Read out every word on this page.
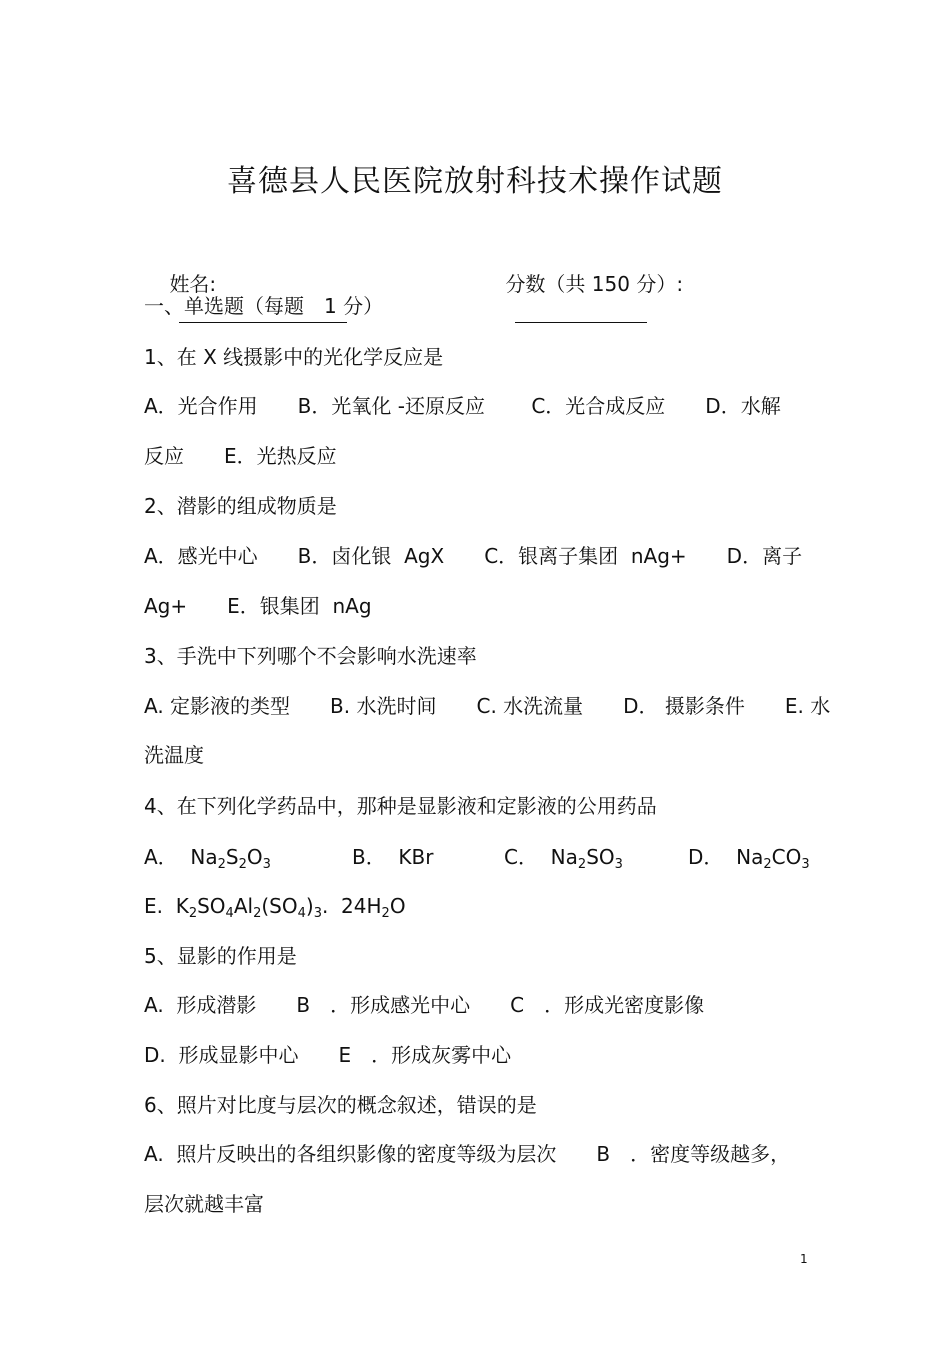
喜德县人民医院放射科技术操作试题

姓名:

	分数（共 150 分）:

一、单选题（每题　1 分）
1、在 X 线摄影中的光化学反应是
A．光合作用　　B．光氧化 -还原反应　　 C．光合成反应　　D．水解
反应　　E．光热反应
2、潜影的组成物质是
A．感光中心　　B．卤化银  AgX　　C．银离子集团  nAg+　　D．离子
Ag+　　E．银集团  nAg
3、手洗中下列哪个不会影响水洗速率
A. 定影液的类型　　B. 水洗时间　　C. 水洗流量　　D． 摄影条件　　E. 水
洗温度
4、在下列化学药品中，那种是显影液和定影液的公用药品
A．  $Na_2S_2O_3$	B．  KBr	C．  $Na_2SO_3$	D．  $Na_2CO_3$
E.  $K_2SO_4Al_2(SO_4)_3$.  $24H_2O$
5、显影的作用是
A.  形成潜影　　B　．形成感光中心　　C　．形成光密度影像
D.  形成显影中心　　E　．形成灰雾中心
6、照片对比度与层次的概念叙述，错误的是
A.  照片反映出的各组织影像的密度等级为层次　　B　．密度等级越多，
层次就越丰富
1
